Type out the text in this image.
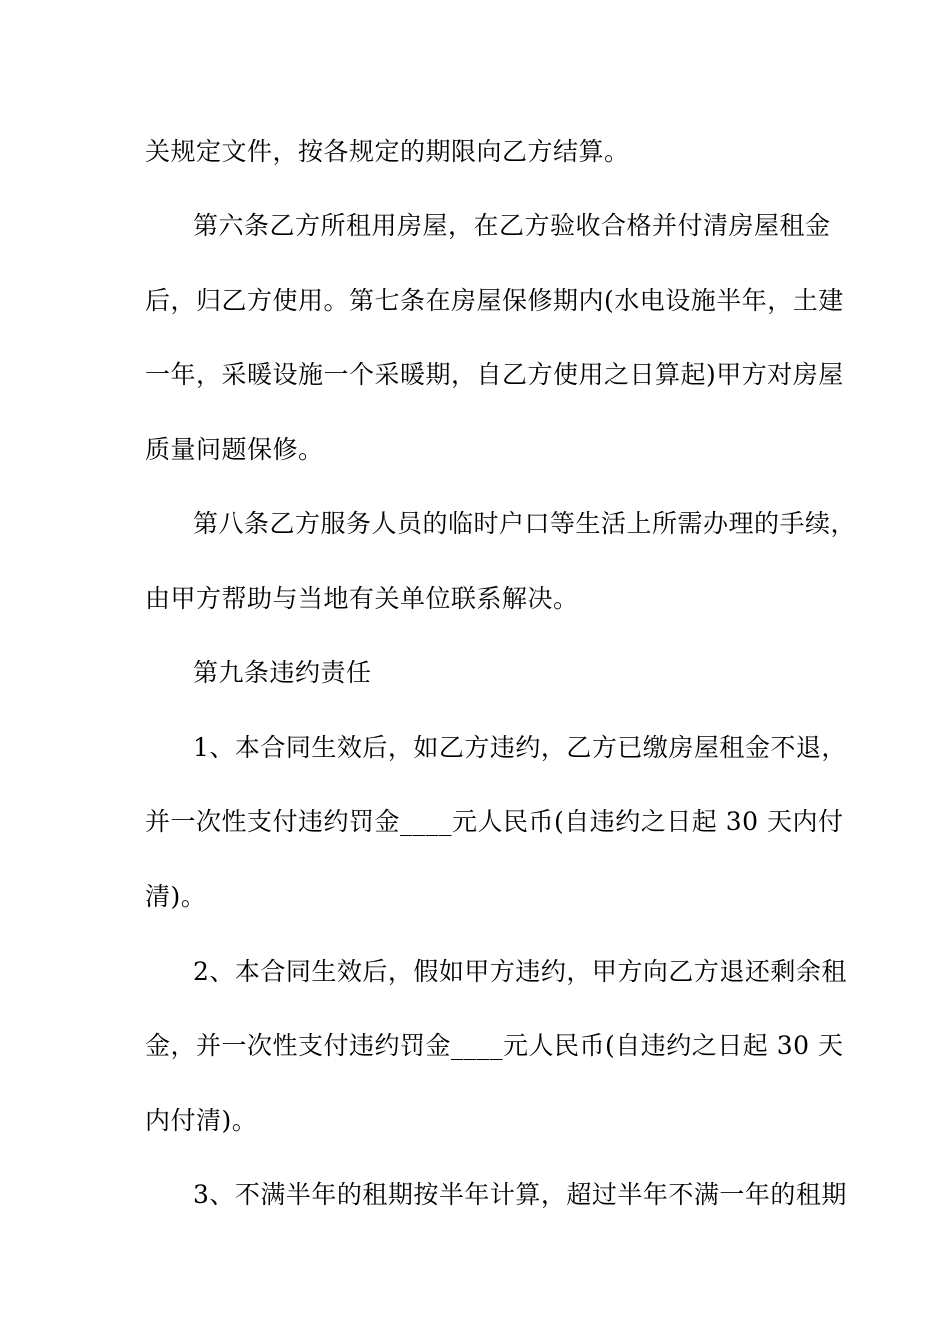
关规定文件，按各规定的期限向乙方结算。
第六条乙方所租用房屋，在乙方验收合格并付清房屋租金
后，归乙方使用。第七条在房屋保修期内(水电设施半年，土建
一年，采暖设施一个采暖期，自乙方使用之日算起)甲方对房屋
质量问题保修。
第八条乙方服务人员的临时户口等生活上所需办理的手续，
由甲方帮助与当地有关单位联系解决。
第九条违约责任
1、本合同生效后，如乙方违约，乙方已缴房屋租金不退，
并一次性支付违约罚金____元人民币(自违约之日起 30 天内付
清)。
2、本合同生效后，假如甲方违约，甲方向乙方退还剩余租
金，并一次性支付违约罚金____元人民币(自违约之日起 30 天
内付清)。
3、不满半年的租期按半年计算，超过半年不满一年的租期
